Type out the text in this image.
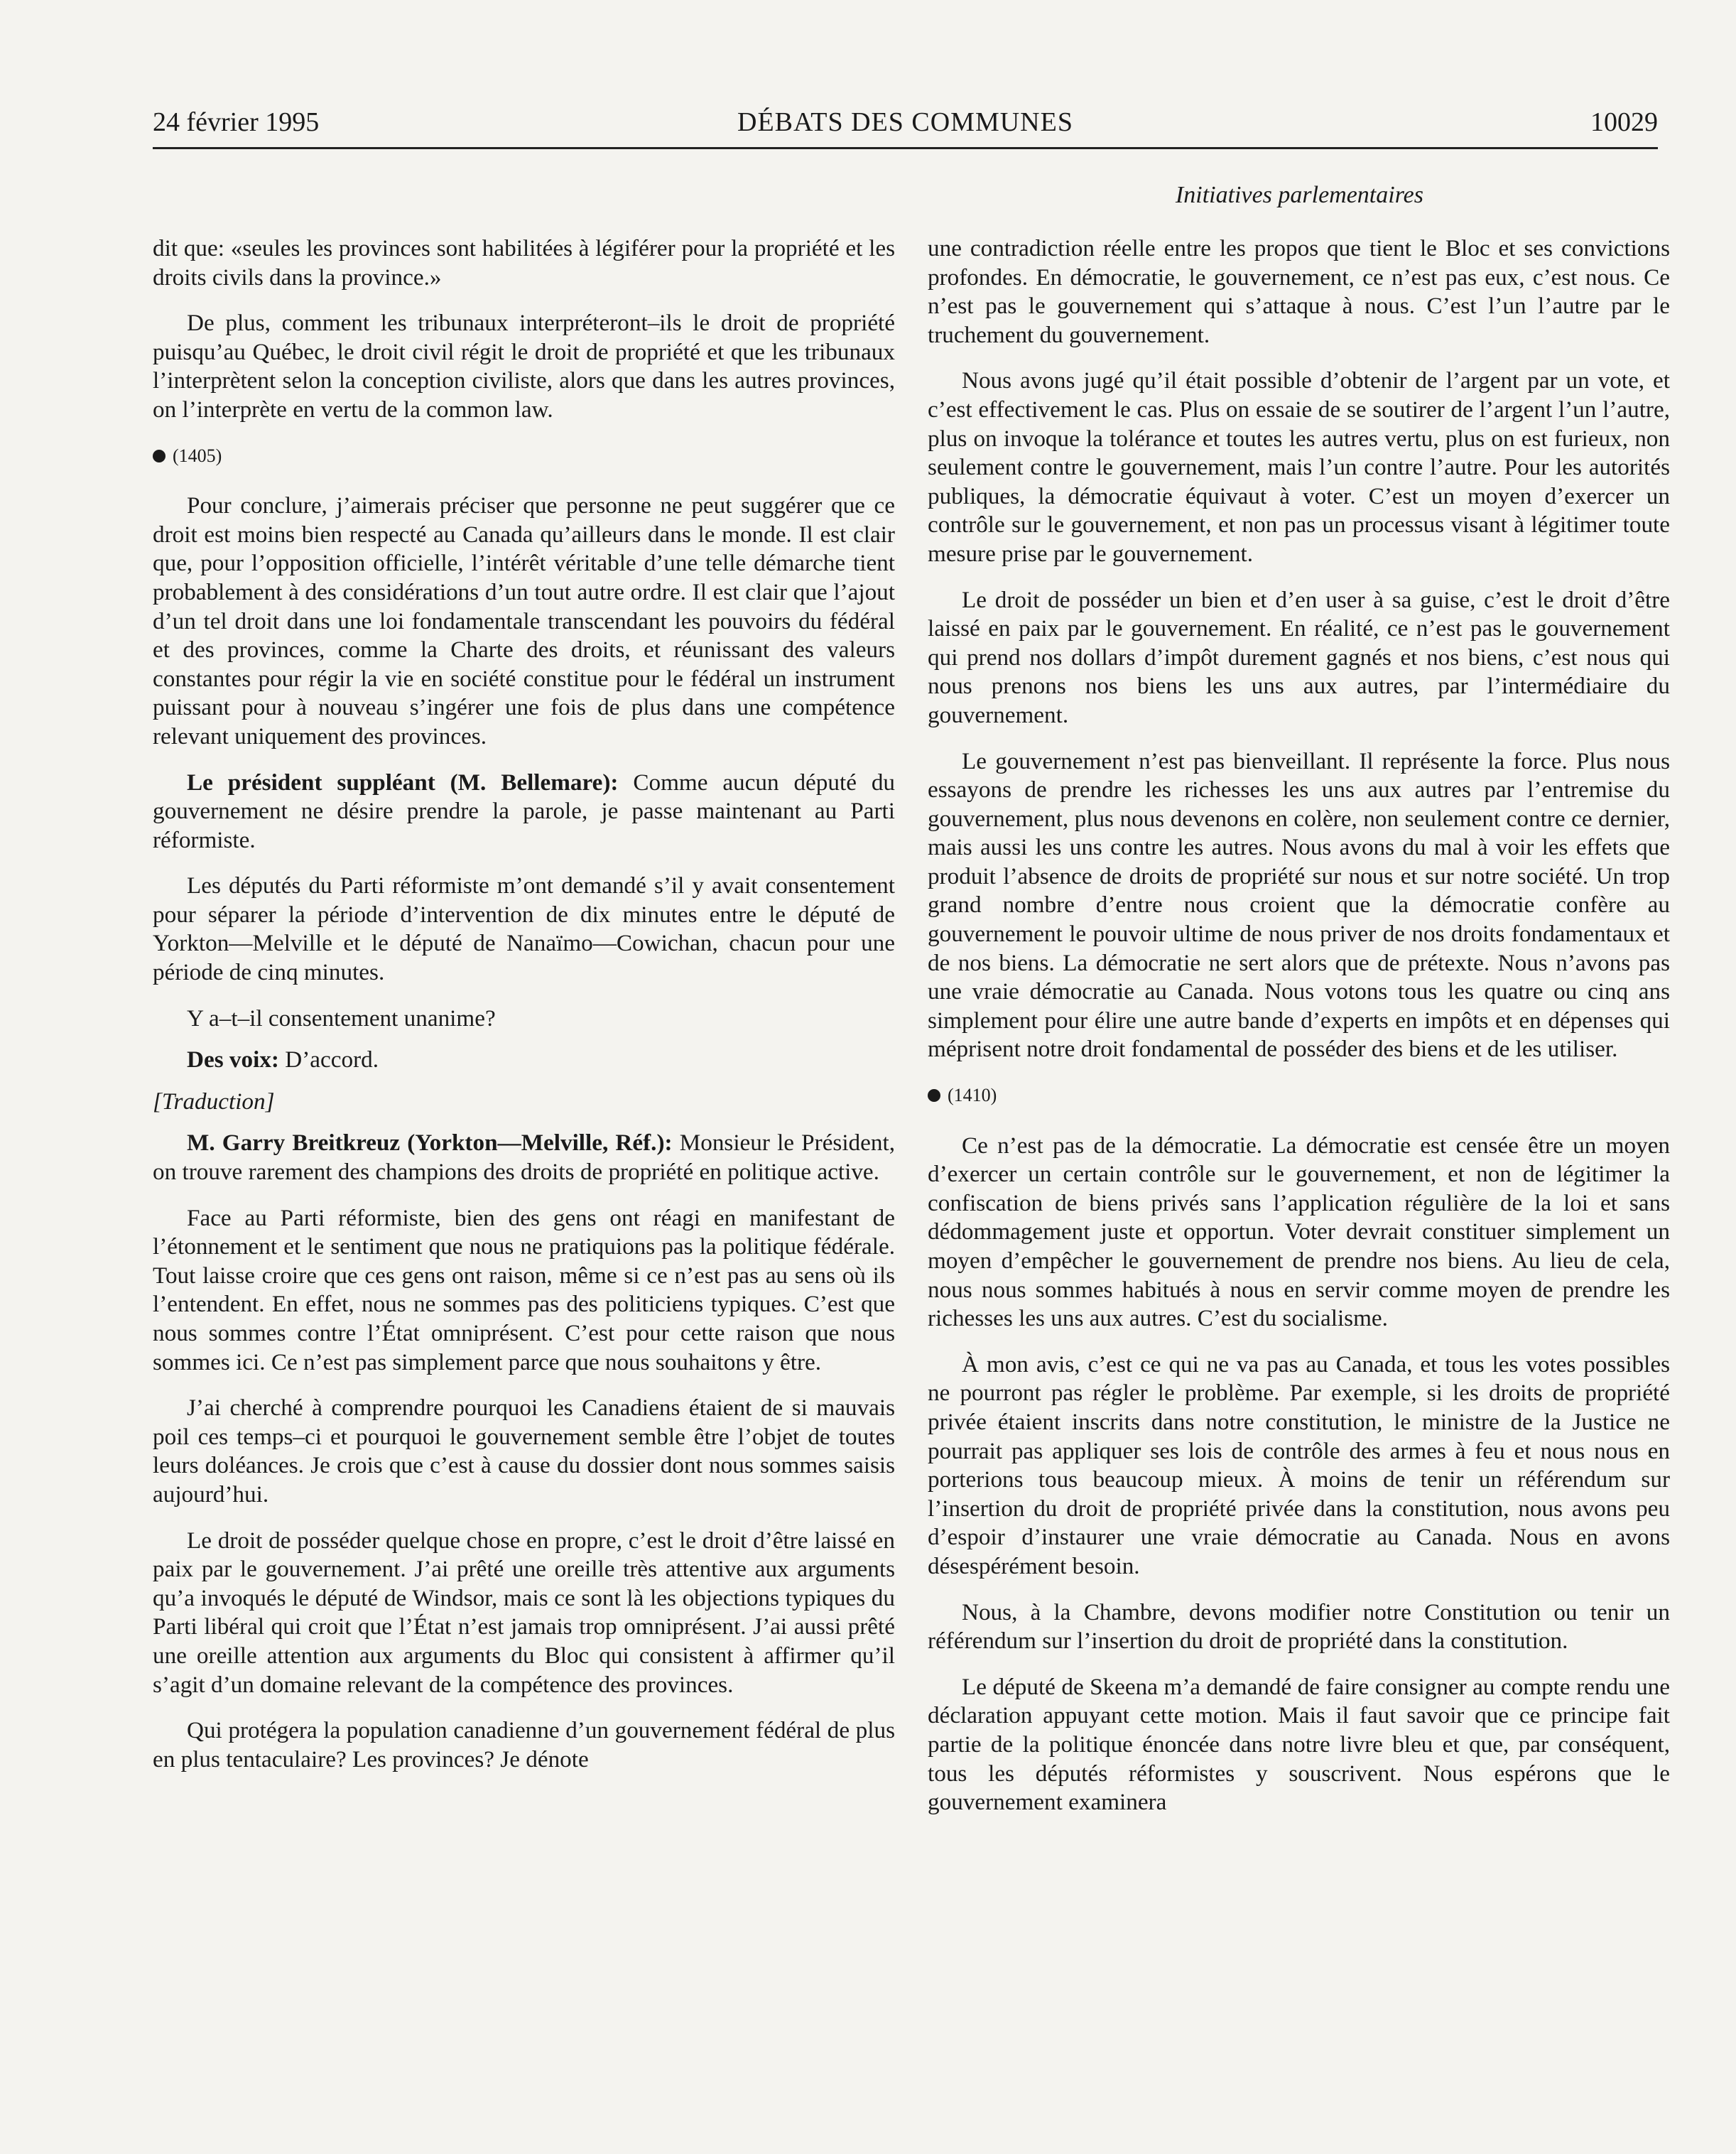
24 février 1995	DÉBATS DES COMMUNES	10029
Initiatives parlementaires

dit que: «seules les provinces sont habilitées à légiférer pour la propriété et les droits civils dans la province.»

De plus, comment les tribunaux interpréteront–ils le droit de propriété puisqu’au Québec, le droit civil régit le droit de propriété et que les tribunaux l’interprètent selon la conception civiliste, alors que dans les autres provinces, on l’interprète en vertu de la common law.

(1405)

Pour conclure, j’aimerais préciser que personne ne peut suggérer que ce droit est moins bien respecté au Canada qu’ailleurs dans le monde. Il est clair que, pour l’opposition officielle, l’intérêt véritable d’une telle démarche tient probablement à des considérations d’un tout autre ordre. Il est clair que l’ajout d’un tel droit dans une loi fondamentale transcendant les pouvoirs du fédéral et des provinces, comme la Charte des droits, et réunissant des valeurs constantes pour régir la vie en société constitue pour le fédéral un instrument puissant pour à nouveau s’ingérer une fois de plus dans une compétence relevant uniquement des provinces.

Le président suppléant (M. Bellemare): Comme aucun député du gouvernement ne désire prendre la parole, je passe maintenant au Parti réformiste.

Les députés du Parti réformiste m’ont demandé s’il y avait consentement pour séparer la période d’intervention de dix minutes entre le député de Yorkton—Melville et le député de Nanaïmo—Cowichan, chacun pour une période de cinq minutes.

Y a–t–il consentement unanime?

Des voix: D’accord.

[Traduction]

M. Garry Breitkreuz (Yorkton—Melville, Réf.): Monsieur le Président, on trouve rarement des champions des droits de propriété en politique active.

Face au Parti réformiste, bien des gens ont réagi en manifestant de l’étonnement et le sentiment que nous ne pratiquions pas la politique fédérale. Tout laisse croire que ces gens ont raison, même si ce n’est pas au sens où ils l’entendent. En effet, nous ne sommes pas des politiciens typiques. C’est que nous sommes contre l’État omniprésent. C’est pour cette raison que nous sommes ici. Ce n’est pas simplement parce que nous souhaitons y être.

J’ai cherché à comprendre pourquoi les Canadiens étaient de si mauvais poil ces temps–ci et pourquoi le gouvernement semble être l’objet de toutes leurs doléances. Je crois que c’est à cause du dossier dont nous sommes saisis aujourd’hui.

Le droit de posséder quelque chose en propre, c’est le droit d’être laissé en paix par le gouvernement. J’ai prêté une oreille très attentive aux arguments qu’a invoqués le député de Windsor, mais ce sont là les objections typiques du Parti libéral qui croit que l’État n’est jamais trop omniprésent. J’ai aussi prêté une oreille attention aux arguments du Bloc qui consistent à affirmer qu’il s’agit d’un domaine relevant de la compétence des provinces.

Qui protégera la population canadienne d’un gouvernement fédéral de plus en plus tentaculaire? Les provinces? Je dénote

une contradiction réelle entre les propos que tient le Bloc et ses convictions profondes. En démocratie, le gouvernement, ce n’est pas eux, c’est nous. Ce n’est pas le gouvernement qui s’attaque à nous. C’est l’un l’autre par le truchement du gouvernement.

Nous avons jugé qu’il était possible d’obtenir de l’argent par un vote, et c’est effectivement le cas. Plus on essaie de se soutirer de l’argent l’un l’autre, plus on invoque la tolérance et toutes les autres vertu, plus on est furieux, non seulement contre le gouvernement, mais l’un contre l’autre. Pour les autorités publiques, la démocratie équivaut à voter. C’est un moyen d’exercer un contrôle sur le gouvernement, et non pas un processus visant à légitimer toute mesure prise par le gouvernement.

Le droit de posséder un bien et d’en user à sa guise, c’est le droit d’être laissé en paix par le gouvernement. En réalité, ce n’est pas le gouvernement qui prend nos dollars d’impôt durement gagnés et nos biens, c’est nous qui nous prenons nos biens les uns aux autres, par l’intermédiaire du gouvernement.

Le gouvernement n’est pas bienveillant. Il représente la force. Plus nous essayons de prendre les richesses les uns aux autres par l’entremise du gouvernement, plus nous devenons en colère, non seulement contre ce dernier, mais aussi les uns contre les autres. Nous avons du mal à voir les effets que produit l’absence de droits de propriété sur nous et sur notre société. Un trop grand nombre d’entre nous croient que la démocratie confère au gouvernement le pouvoir ultime de nous priver de nos droits fondamentaux et de nos biens. La démocratie ne sert alors que de prétexte. Nous n’avons pas une vraie démocratie au Canada. Nous votons tous les quatre ou cinq ans simplement pour élire une autre bande d’experts en impôts et en dépenses qui méprisent notre droit fondamental de posséder des biens et de les utiliser.

(1410)

Ce n’est pas de la démocratie. La démocratie est censée être un moyen d’exercer un certain contrôle sur le gouvernement, et non de légitimer la confiscation de biens privés sans l’application régulière de la loi et sans dédommagement juste et opportun. Voter devrait constituer simplement un moyen d’empêcher le gouvernement de prendre nos biens. Au lieu de cela, nous nous sommes habitués à nous en servir comme moyen de prendre les richesses les uns aux autres. C’est du socialisme.

À mon avis, c’est ce qui ne va pas au Canada, et tous les votes possibles ne pourront pas régler le problème. Par exemple, si les droits de propriété privée étaient inscrits dans notre constitution, le ministre de la Justice ne pourrait pas appliquer ses lois de contrôle des armes à feu et nous nous en porterions tous beaucoup mieux. À moins de tenir un référendum sur l’insertion du droit de propriété privée dans la constitution, nous avons peu d’espoir d’instaurer une vraie démocratie au Canada. Nous en avons désespérément besoin.

Nous, à la Chambre, devons modifier notre Constitution ou tenir un référendum sur l’insertion du droit de propriété dans la constitution.

Le député de Skeena m’a demandé de faire consigner au compte rendu une déclaration appuyant cette motion. Mais il faut savoir que ce principe fait partie de la politique énoncée dans notre livre bleu et que, par conséquent, tous les députés réformistes y souscrivent. Nous espérons que le gouvernement examinera
